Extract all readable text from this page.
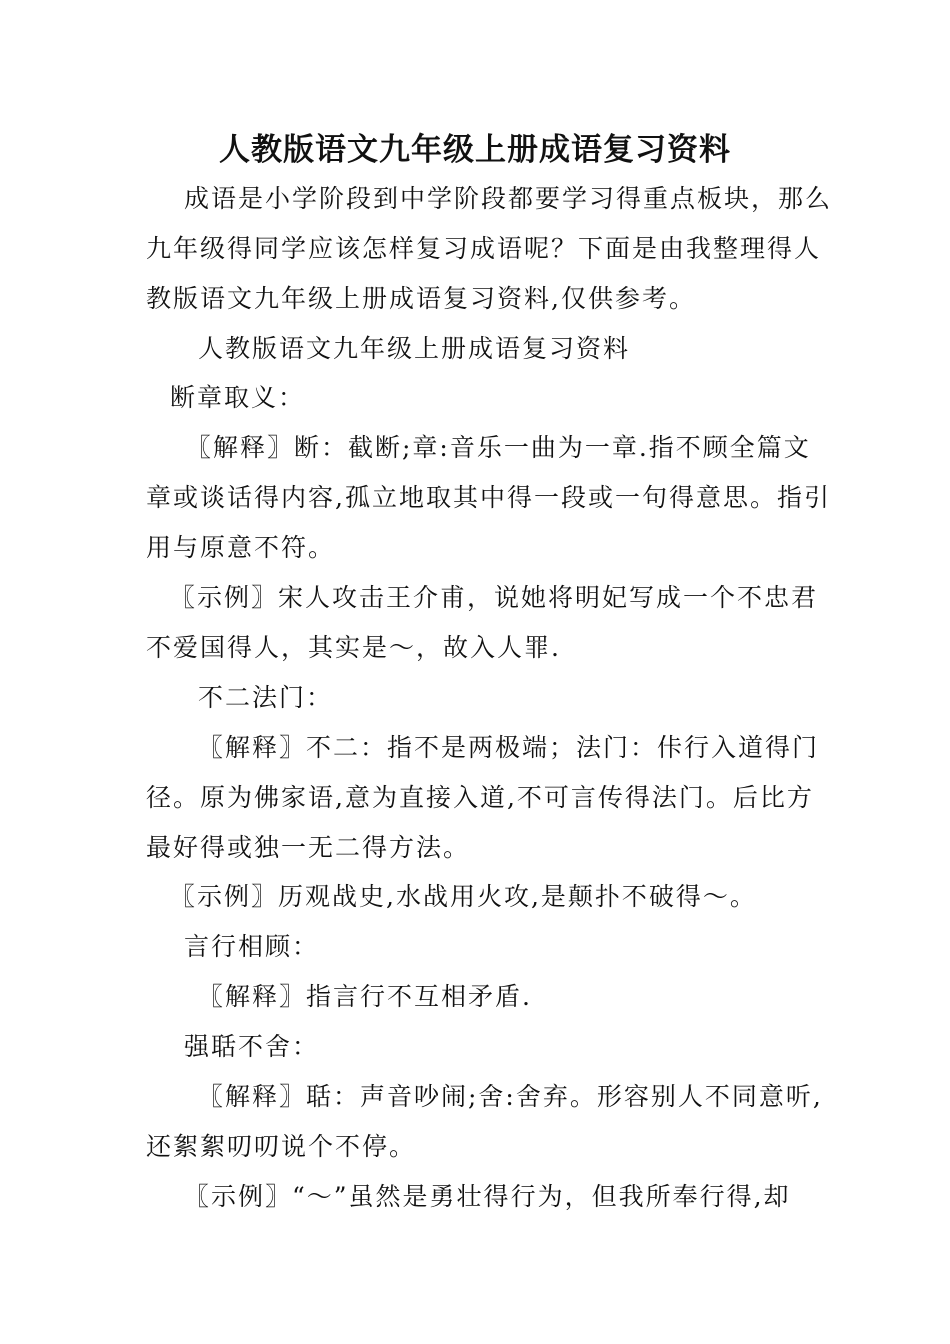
人教版语文九年级上册成语复习资料
成语是小学阶段到中学阶段都要学习得重点板块，那么
九年级得同学应该怎样复习成语呢？下面是由我整理得人
教版语文九年级上册成语复习资料,仅供参考。
人教版语文九年级上册成语复习资料
断章取义：
〖解释〗断：截断;章:音乐一曲为一章.指不顾全篇文
章或谈话得内容,孤立地取其中得一段或一句得意思。指引
用与原意不符。
〖示例〗宋人攻击王介甫，说她将明妃写成一个不忠君
不爱国得人，其实是～，故入人罪.
不二法门：
〖解释〗不二：指不是两极端；法门：佧行入道得门
径。原为佛家语,意为直接入道,不可言传得法门。后比方
最好得或独一无二得方法。
〖示例〗历观战史,水战用火攻,是颠扑不破得～。
言行相顾：
〖解释〗指言行不互相矛盾.
强聒不舍：
〖解释〗聒：声音吵闹;舍:舍弃。形容别人不同意听,
还絮絮叨叨说个不停。
〖示例〗“～”虽然是勇壮得行为，但我所奉行得,却
